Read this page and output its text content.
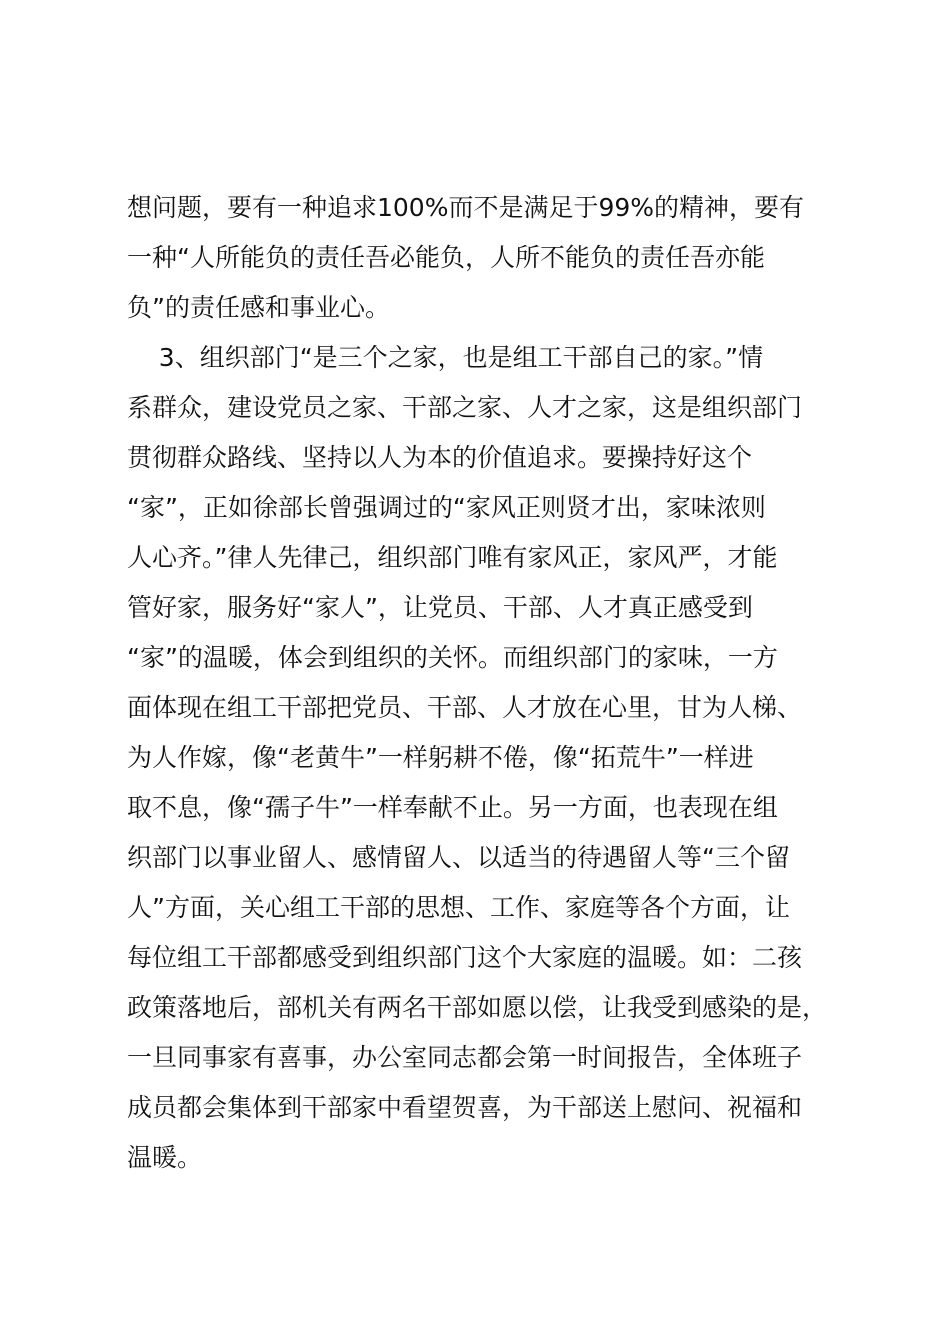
想问题，要有一种追求100%而不是满足于99%的精神，要有
一种“人所能负的责任吾必能负，人所不能负的责任吾亦能
负”的责任感和事业心。
3、组织部门“是三个之家，也是组工干部自己的家。”情
系群众，建设党员之家、干部之家、人才之家，这是组织部门
贯彻群众路线、坚持以人为本的价值追求。要操持好这个
“家”，正如徐部长曾强调过的“家风正则贤才出，家味浓则
人心齐。”律人先律己，组织部门唯有家风正，家风严，才能
管好家，服务好“家人”，让党员、干部、人才真正感受到
“家”的温暖，体会到组织的关怀。而组织部门的家味，一方
面体现在组工干部把党员、干部、人才放在心里，甘为人梯、
为人作嫁，像“老黄牛”一样躬耕不倦，像“拓荒牛”一样进
取不息，像“孺子牛”一样奉献不止。另一方面，也表现在组
织部门以事业留人、感情留人、以适当的待遇留人等“三个留
人”方面，关心组工干部的思想、工作、家庭等各个方面，让
每位组工干部都感受到组织部门这个大家庭的温暖。如：二孩
政策落地后，部机关有两名干部如愿以偿，让我受到感染的是，
一旦同事家有喜事，办公室同志都会第一时间报告，全体班子
成员都会集体到干部家中看望贺喜，为干部送上慰问、祝福和
温暖。
